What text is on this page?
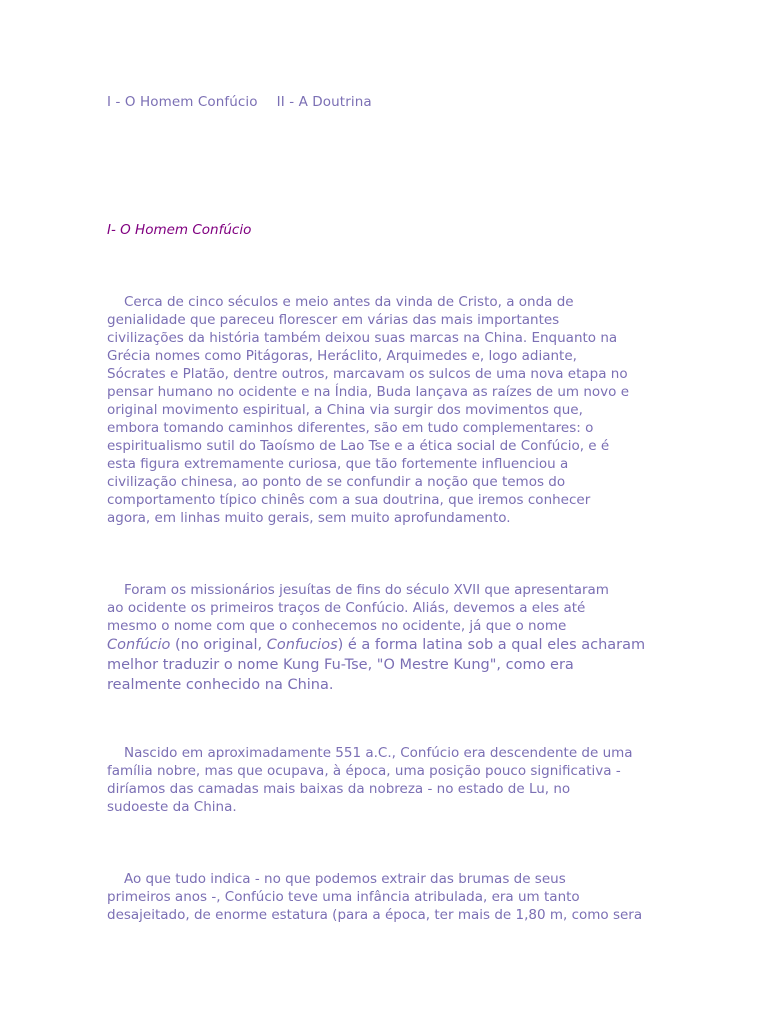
I - O Homem Confúcio II - A Doutrina
I- O Homem Confúcio

Cerca de cinco séculos e meio antes da vinda de Cristo, a onda de
genialidade que pareceu florescer em várias das mais importantes
civilizações da história também deixou suas marcas na China. Enquanto na
Grécia nomes como Pitágoras, Heráclito, Arquimedes e, logo adiante,
Sócrates e Platão, dentre outros, marcavam os sulcos de uma nova etapa no
pensar humano no ocidente e na Índia, Buda lançava as raízes de um novo e
original movimento espiritual, a China via surgir dos movimentos que,
embora tomando caminhos diferentes, são em tudo complementares: o
espiritualismo sutil do Taoísmo de Lao Tse e a ética social de Confúcio, e é
esta figura extremamente curiosa, que tão fortemente influenciou a
civilização chinesa, ao ponto de se confundir a noção que temos do
comportamento típico chinês com a sua doutrina, que iremos conhecer
agora, em linhas muito gerais, sem muito aprofundamento.

Foram os missionários jesuítas de fins do século XVII que apresentaram
ao ocidente os primeiros traços de Confúcio. Aliás, devemos a eles até
mesmo o nome com que o conhecemos no ocidente, já que o nome
Confúcio (no original, Confucios) é a forma latina sob a qual eles acharam
melhor traduzir o nome Kung Fu-Tse, "O Mestre Kung", como era
realmente conhecido na China.

Nascido em aproximadamente 551 a.C., Confúcio era descendente de uma
família nobre, mas que ocupava, à época, uma posição pouco significativa -
diríamos das camadas mais baixas da nobreza - no estado de Lu, no
sudoeste da China.

Ao que tudo indica - no que podemos extrair das brumas de seus
primeiros anos -, Confúcio teve uma infância atribulada, era um tanto
desajeitado, de enorme estatura (para a época, ter mais de 1,80 m, como sera
